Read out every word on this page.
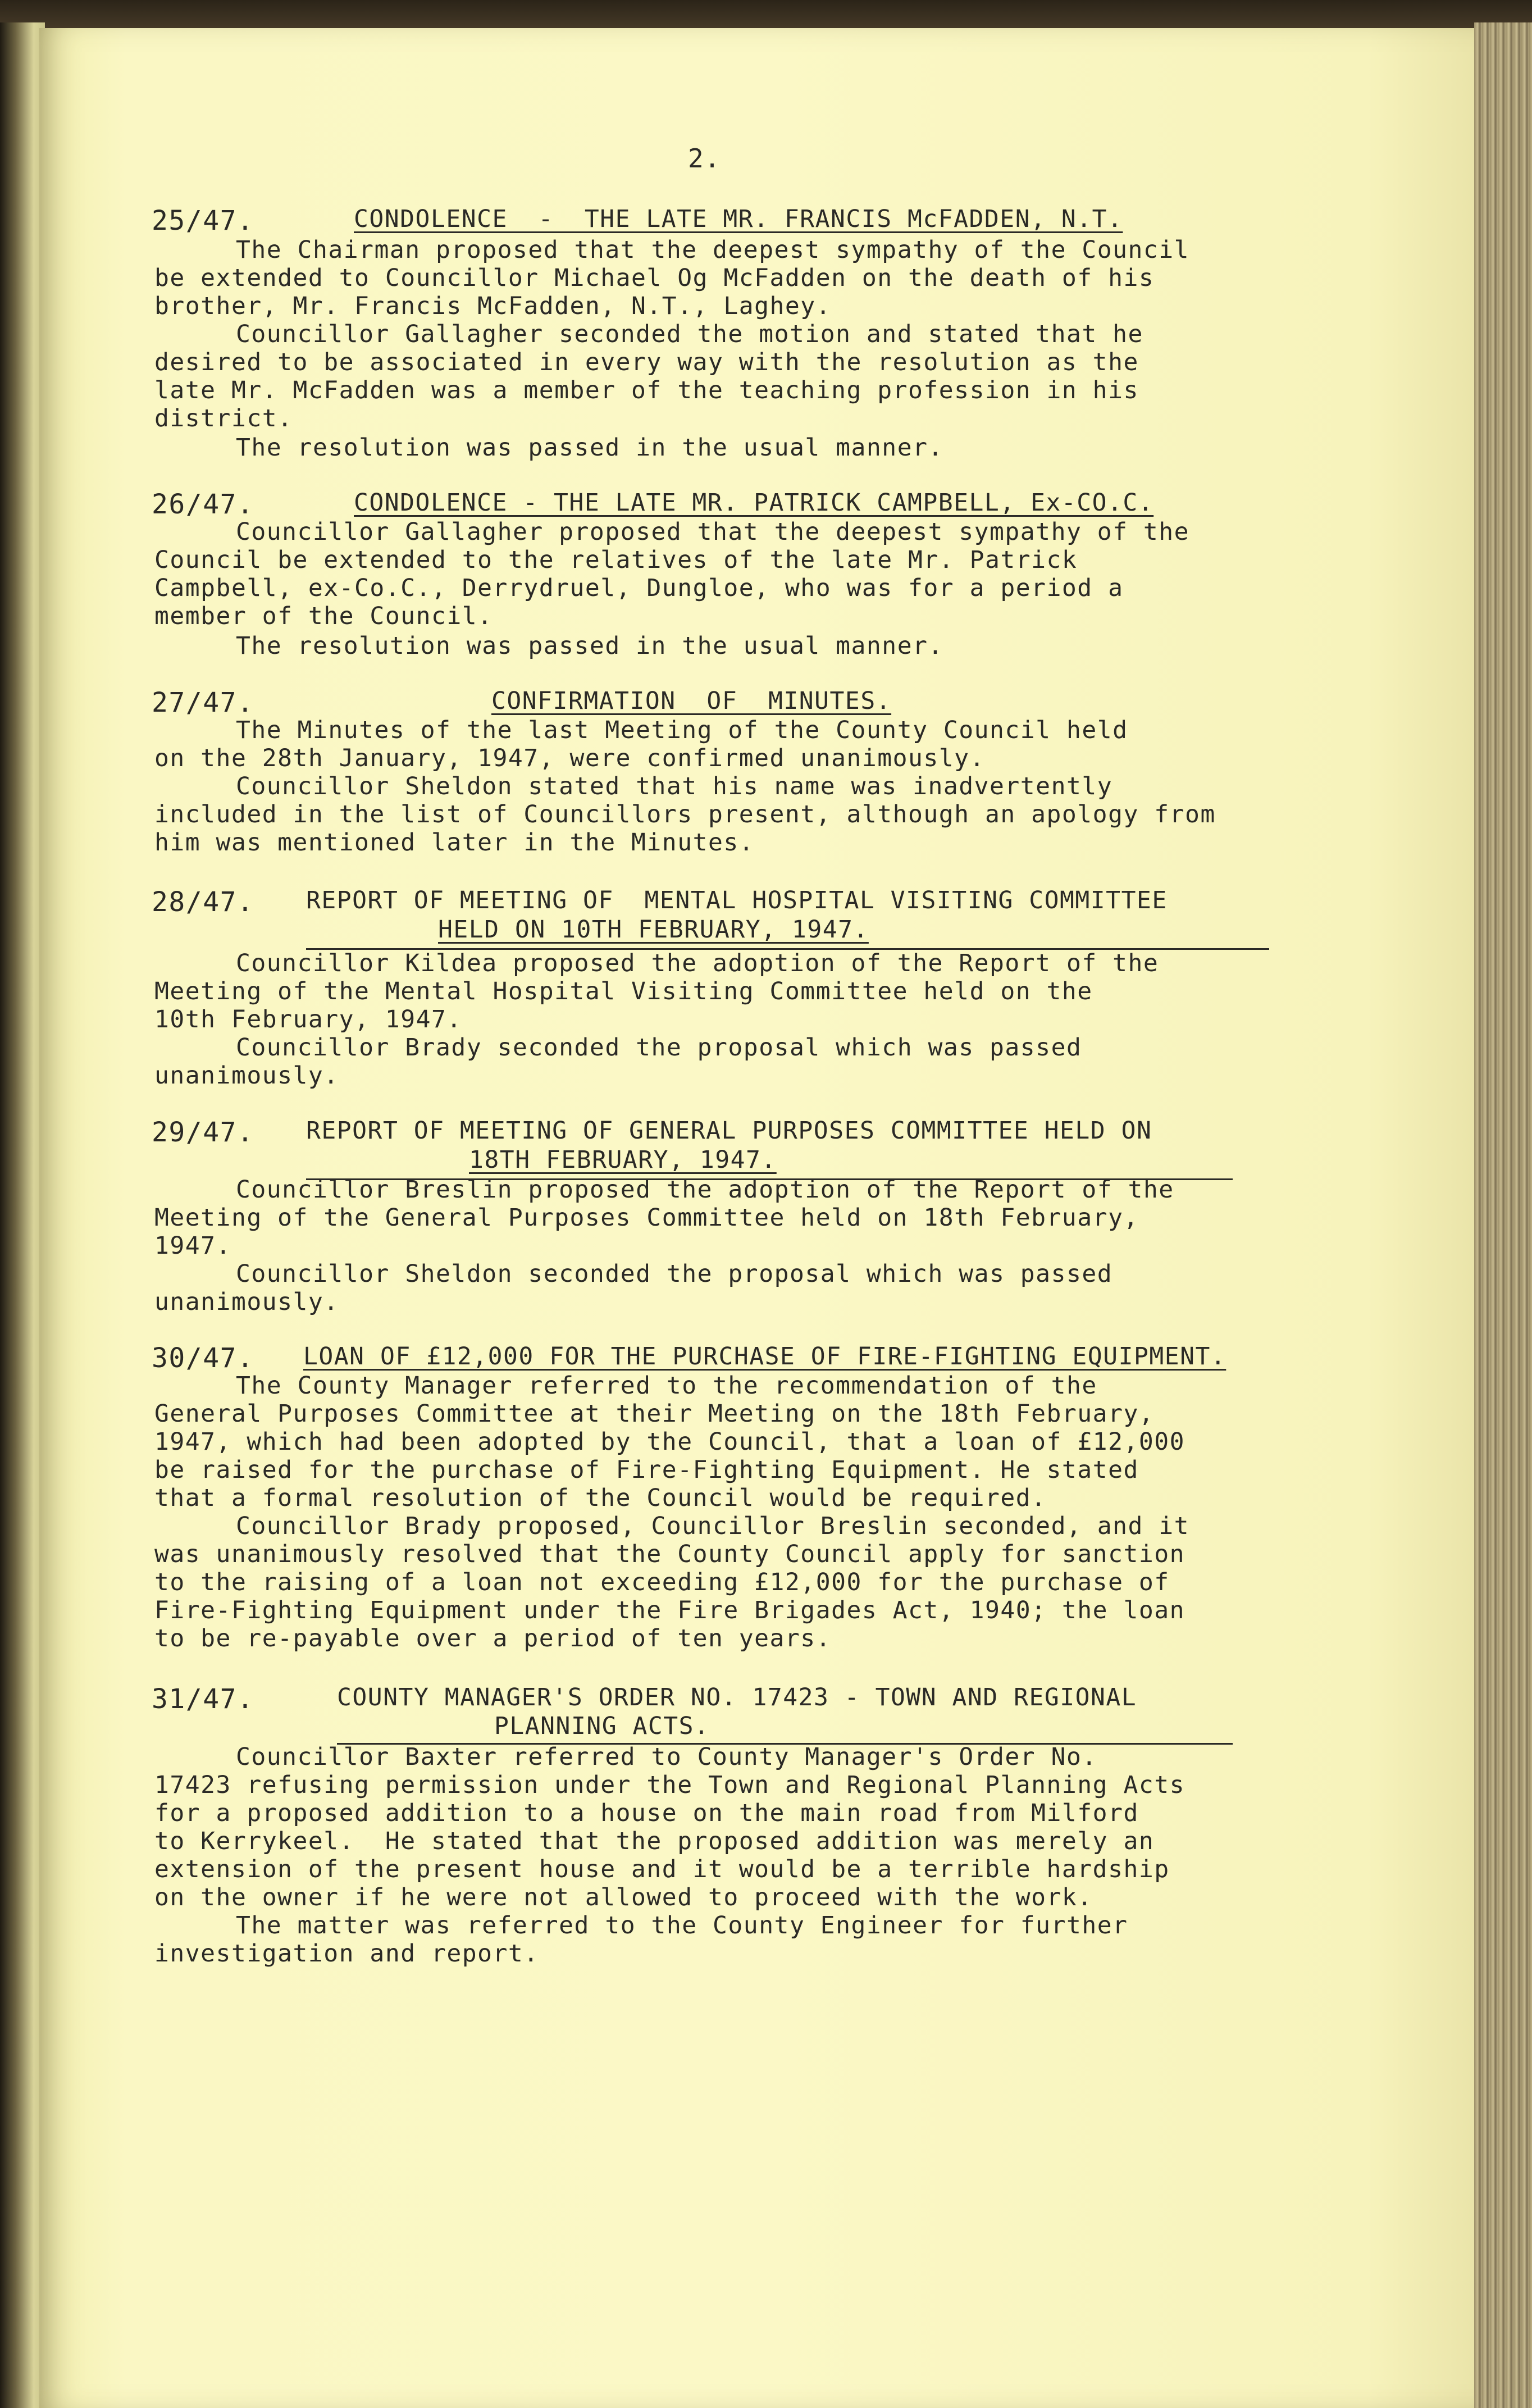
2.
25/47.	CONDOLENCE  -  THE LATE MR. FRANCIS McFADDEN, N.T.
The Chairman proposed that the deepest sympathy of the Council
be extended to Councillor Michael Og McFadden on the death of his
brother, Mr. Francis McFadden, N.T., Laghey.
Councillor Gallagher seconded the motion and stated that he
desired to be associated in every way with the resolution as the
late Mr. McFadden was a member of the teaching profession in his
district.
The resolution was passed in the usual manner.
26/47.	CONDOLENCE - THE LATE MR. PATRICK CAMPBELL, Ex-CO.C.
Councillor Gallagher proposed that the deepest sympathy of the
Council be extended to the relatives of the late Mr. Patrick
Campbell, ex-Co.C., Derrydruel, Dungloe, who was for a period a
member of the Council.
The resolution was passed in the usual manner.
27/47.	CONFIRMATION  OF  MINUTES.
The Minutes of the last Meeting of the County Council held
on the 28th January, 1947, were confirmed unanimously.
Councillor Sheldon stated that his name was inadvertently
included in the list of Councillors present, although an apology from
him was mentioned later in the Minutes.
28/47. REPORT OF MEETING OF  MENTAL HOSPITAL VISITING COMMITTEE
HELD ON 10TH FEBRUARY, 1947.
Councillor Kildea proposed the adoption of the Report of the
Meeting of the Mental Hospital Visiting Committee held on the
10th February, 1947.
Councillor Brady seconded the proposal which was passed
unanimously.
29/47. REPORT OF MEETING OF GENERAL PURPOSES COMMITTEE HELD ON
18TH FEBRUARY, 1947.
Councillor Breslin proposed the adoption of the Report of the
Meeting of the General Purposes Committee held on 18th February,
1947.
Councillor Sheldon seconded the proposal which was passed
unanimously.
30/47. LOAN OF £12,000 FOR THE PURCHASE OF FIRE-FIGHTING EQUIPMENT.
The County Manager referred to the recommendation of the
General Purposes Committee at their Meeting on the 18th February,
1947, which had been adopted by the Council, that a loan of £12,000
be raised for the purchase of Fire-Fighting Equipment. He stated
that a formal resolution of the Council would be required.
Councillor Brady proposed, Councillor Breslin seconded, and it
was unanimously resolved that the County Council apply for sanction
to the raising of a loan not exceeding £12,000 for the purchase of
Fire-Fighting Equipment under the Fire Brigades Act, 1940; the loan
to be re-payable over a period of ten years.
31/47.	COUNTY MANAGER'S ORDER NO. 17423 - TOWN AND REGIONAL
PLANNING ACTS.
Councillor Baxter referred to County Manager's Order No.
17423 refusing permission under the Town and Regional Planning Acts
for a proposed addition to a house on the main road from Milford
to Kerrykeel.  He stated that the proposed addition was merely an
extension of the present house and it would be a terrible hardship
on the owner if he were not allowed to proceed with the work.
The matter was referred to the County Engineer for further
investigation and report.
